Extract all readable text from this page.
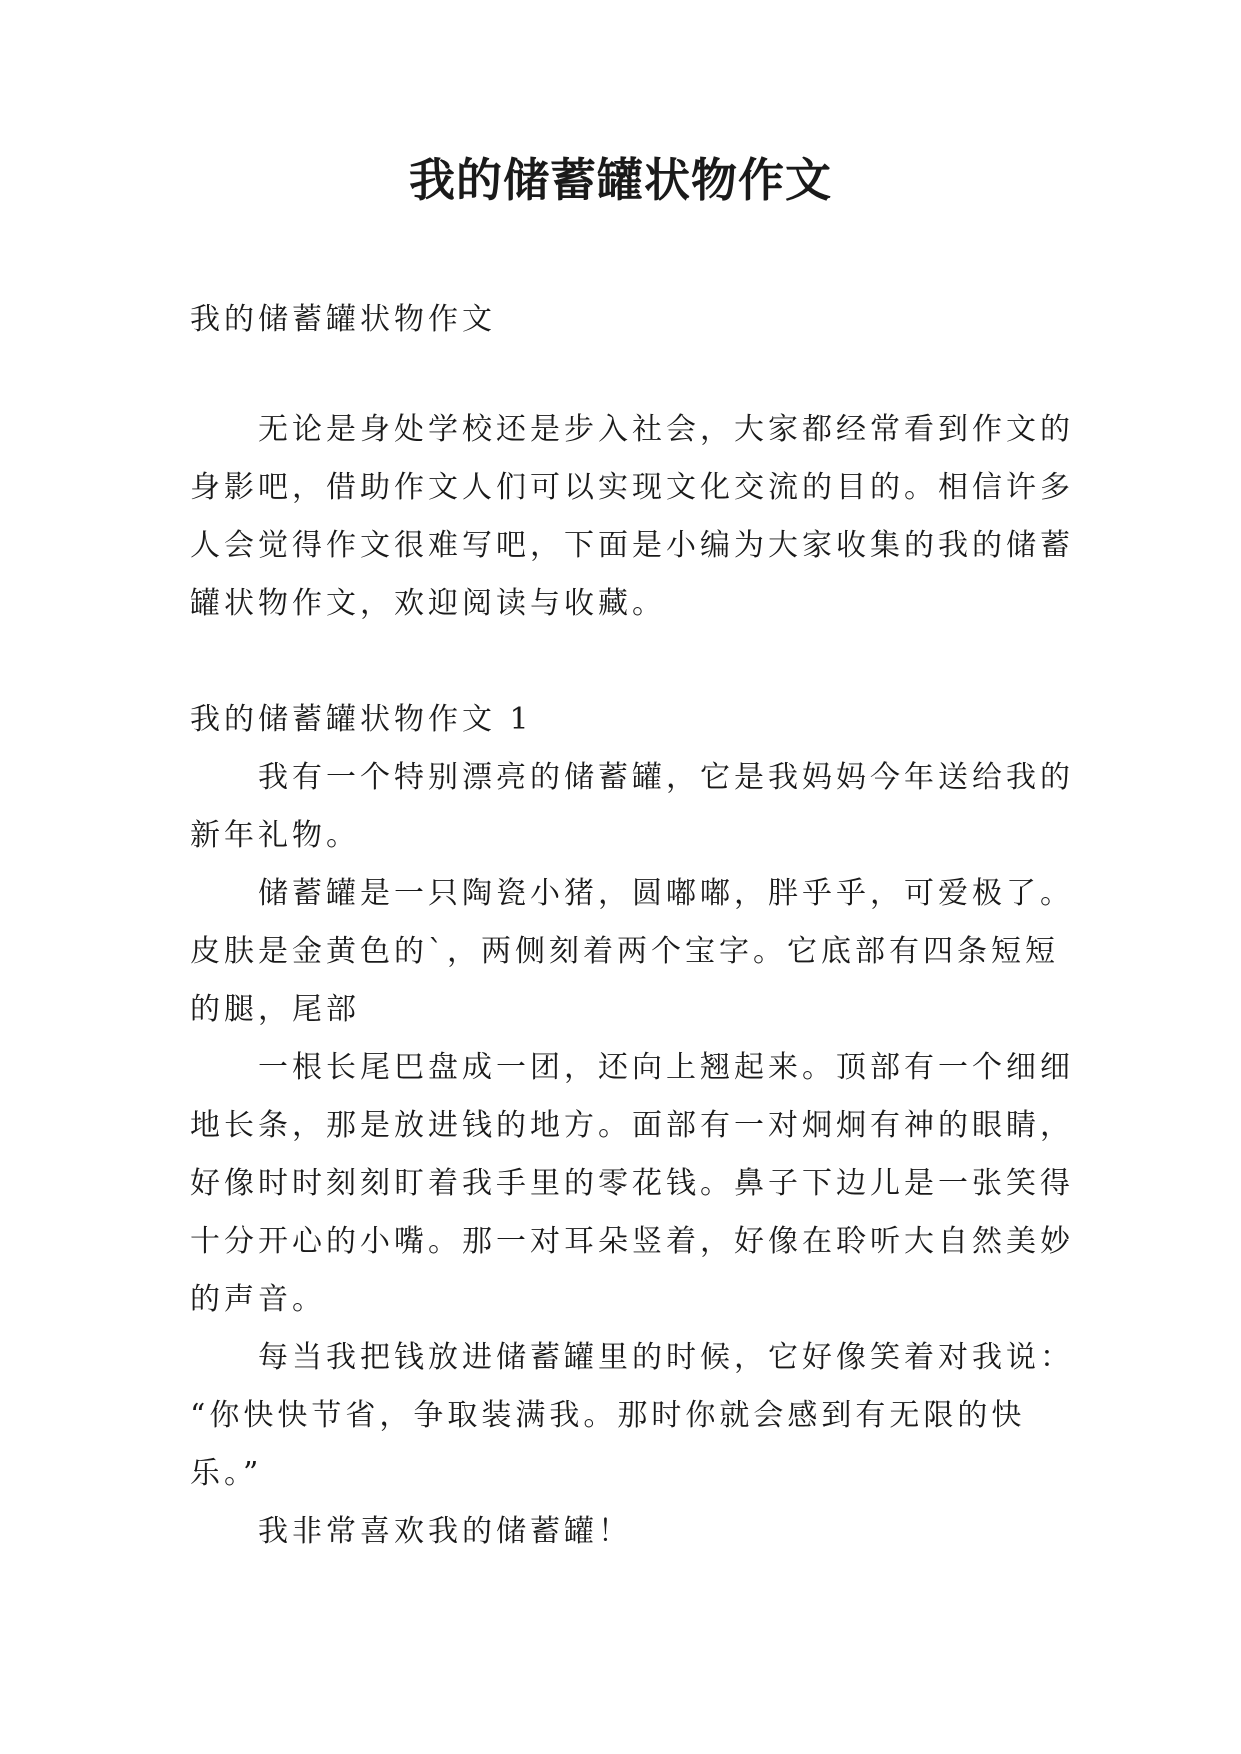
我的储蓄罐状物作文

我的储蓄罐状物作文

无论是身处学校还是步入社会，大家都经常看到作文的

身影吧，借助作文人们可以实现文化交流的目的。相信许多

人会觉得作文很难写吧，下面是小编为大家收集的我的储蓄

罐状物作文，欢迎阅读与收藏。

我的储蓄罐状物作文 1

我有一个特别漂亮的储蓄罐，它是我妈妈今年送给我的

新年礼物。

储蓄罐是一只陶瓷小猪，圆嘟嘟，胖乎乎，可爱极了。

皮肤是金黄色的`，两侧刻着两个宝字。它底部有四条短短

的腿，尾部

一根长尾巴盘成一团，还向上翘起来。顶部有一个细细

地长条，那是放进钱的地方。面部有一对炯炯有神的眼睛，

好像时时刻刻盯着我手里的零花钱。鼻子下边儿是一张笑得

十分开心的小嘴。那一对耳朵竖着，好像在聆听大自然美妙

的声音。

每当我把钱放进储蓄罐里的时候，它好像笑着对我说：

“你快快节省，争取装满我。那时你就会感到有无限的快

乐。”

我非常喜欢我的储蓄罐！
